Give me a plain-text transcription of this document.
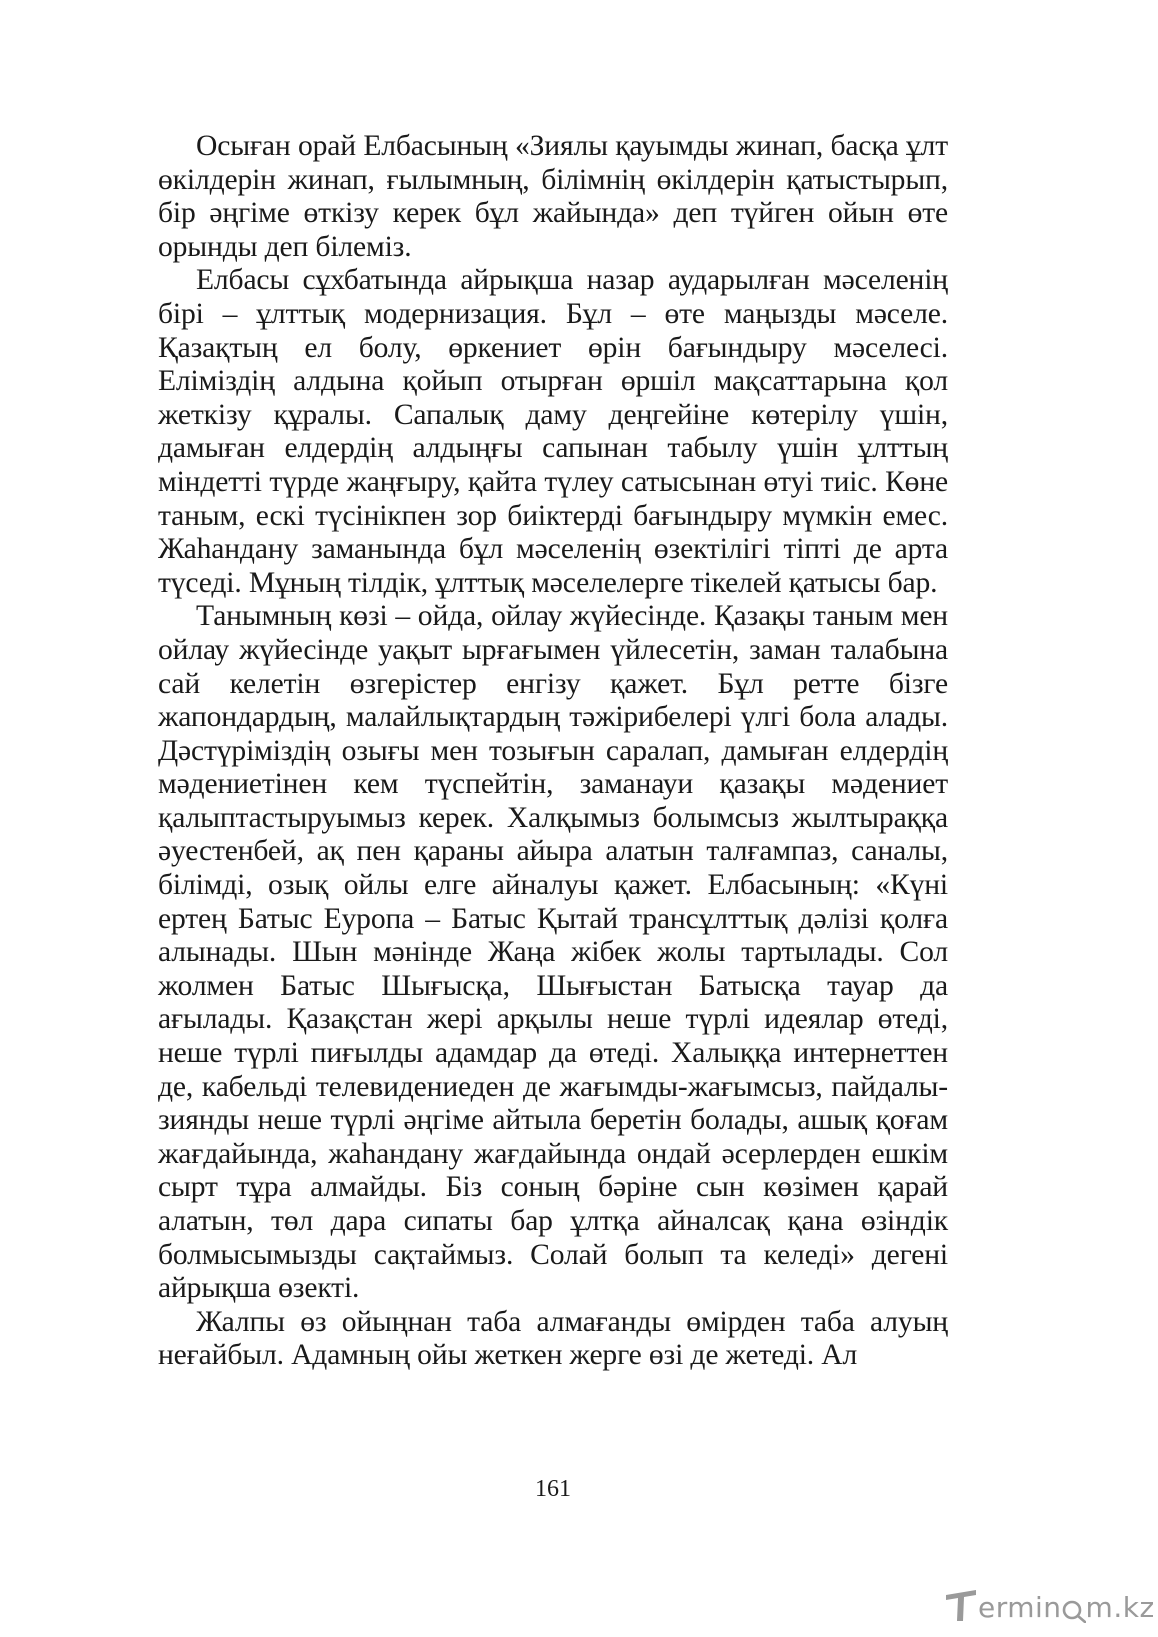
Осыған орай Елбасының «Зиялы қауымды жинап, басқа ұлт өкілдерін жинап, ғылымның, білімнің өкілдерін қатыстырып, бір әңгіме өткізу керек бұл жайында» деп түйген ойын өте орынды деп білеміз.

Елбасы сұхбатында айрықша назар аударылған мәселенің бірі – ұлттық модернизация. Бұл – өте маңызды мәселе. Қазақтың ел болу, өркениет өрін бағындыру мәселесі. Еліміздің алдына қойып отырған өршіл мақсаттарына қол жеткізу құралы. Сапалық даму деңгейіне көтерілу үшін, дамыған елдердің алдыңғы сапынан табылу үшін ұлттың міндетті түрде жаңғыру, қайта түлеу сатысынан өтуі тиіс. Көне таным, ескі түсінікпен зор биіктерді бағындыру мүмкін емес. Жаһандану заманында бұл мәселенің өзектілігі тіпті де арта түседі. Мұның тілдік, ұлттық мәселелерге тікелей қатысы бар.

Танымның көзі – ойда, ойлау жүйесінде. Қазақы таным мен ойлау жүйесінде уақыт ырғағымен үйлесетін, заман талабына сай келетін өзгерістер енгізу қажет. Бұл ретте бізге жапондардың, малайлықтардың тәжірибелері үлгі бола алады. Дәстүріміздің озығы мен тозығын саралап, дамыған елдердің мәдениетінен кем түспейтін, заманауи қазақы мәдениет қалыптастыруымыз керек. Халқымыз болымсыз жылтыраққа әуестенбей, ақ пен қараны айыра алатын талғампаз, саналы, білімді, озық ойлы елге айналуы қажет. Елбасының: «Күні ертең Батыс Еуропа – Батыс Қытай трансұлттық дәлізі қолға алынады. Шын мәнінде Жаңа жібек жолы тартылады. Сол жолмен Батыс Шығысқа, Шығыстан Батысқа тауар да ағылады. Қазақстан жері арқылы неше түрлі идеялар өтеді, неше түрлі пиғылды адамдар да өтеді. Халыққа интернеттен де, кабельді телевидениеден де жағымды-жағымсыз, пайдалы-зиянды неше түрлі әңгіме айтыла беретін болады, ашық қоғам жағдайында, жаһандану жағдайында ондай әсерлерден ешкім сырт тұра алмайды. Біз соның бәріне сын көзімен қарай алатын, төл дара сипаты бар ұлтқа айналсақ қана өзіндік болмысымызды сақтаймыз. Солай болып та келеді» дегені айрықша өзекті.

Жалпы өз ойыңнан таба алмағанды өмірден таба алуың неғайбыл. Адамның ойы жеткен жерге өзі де жетеді. Ал

161
ermin m.kz
